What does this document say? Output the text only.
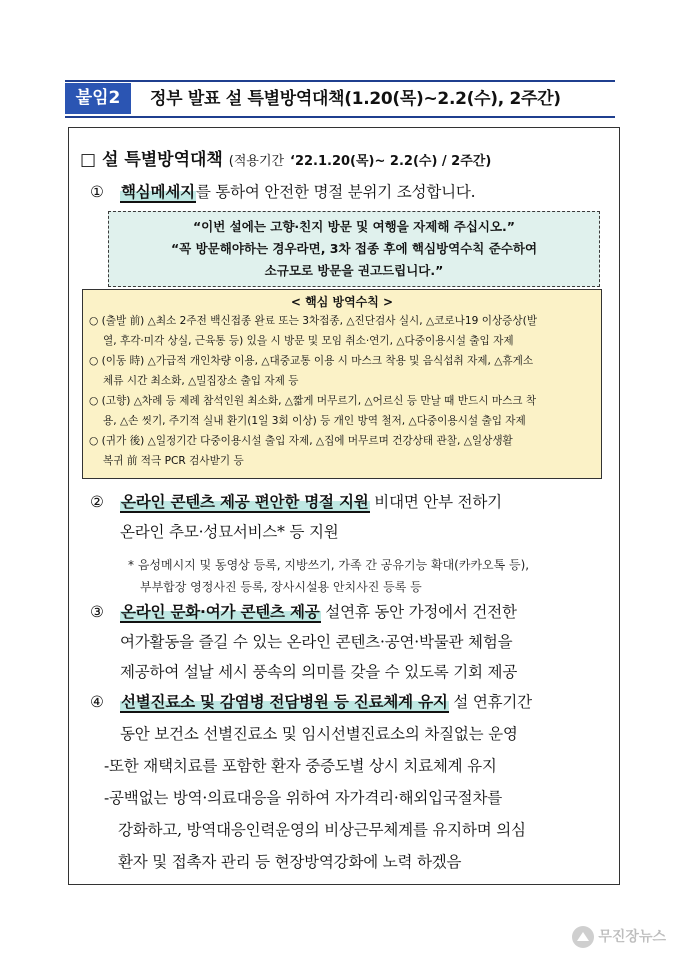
붙임2	정부 발표 설 특별방역대책(1.20(목)~2.2(수), 2주간)
□ 설 특별방역대책 (적용기간 ‘22.1.20(목)~ 2.2(수) / 2주간)
① 핵심메세지를 통하여 안전한 명절 분위기 조성합니다.
“이번 설에는 고향·친지 방문 및 여행을 자제해 주십시오.”
“꼭 방문해야하는 경우라면, 3차 접종 후에 핵심방역수칙 준수하여
소규모로 방문을 권고드립니다.”
< 핵심 방역수칙 >
○ (출발 前) △최소 2주전 백신접종 완료 또는 3차접종, △진단검사 실시, △코로나19 이상증상(발
열, 후각·미각 상실, 근육통 등) 있을 시 방문 및 모임 취소·연기, △다중이용시설 출입 자제
○ (이동 時) △가급적 개인차량 이용, △대중교통 이용 시 마스크 착용 및 음식섭취 자제, △휴게소
체류 시간 최소화, △밀집장소 출입 자제 등
○ (고향) △차례 등 제례 참석인원 최소화, △짧게 머무르기, △어르신 등 만날 때 반드시 마스크 착
용, △손 씻기, 주기적 실내 환기(1일 3회 이상) 등 개인 방역 철저, △다중이용시설 출입 자제
○ (귀가 後) △일정기간 다중이용시설 출입 자제, △집에 머무르며 건강상태 관찰, △일상생활
복귀 前 적극 PCR 검사받기 등
② 온라인 콘텐츠 제공 편안한 명절 지원 비대면 안부 전하기
온라인 추모·성묘서비스* 등 지원
* 음성메시지 및 동영상 등록, 지방쓰기, 가족 간 공유기능 확대(카카오톡 등),
부부합장 영정사진 등록, 장사시설용 안치사진 등록 등
③ 온라인 문화·여가 콘텐츠 제공 설연휴 동안 가정에서 건전한
여가활동을 즐길 수 있는 온라인 콘텐츠·공연·박물관 체험을
제공하여 설날 세시 풍속의 의미를 갖을 수 있도록 기회 제공
④ 선별진료소 및 감염병 전담병원 등 진료체계 유지 설 연휴기간
동안 보건소 선별진료소 및 임시선별진료소의 차질없는 운영
-또한 재택치료를 포함한 환자 중증도별 상시 치료체계 유지
-공백없는 방역·의료대응을 위하여 자가격리·해외입국절차를
강화하고, 방역대응인력운영의 비상근무체계를 유지하며 의심
환자 및 접촉자 관리 등 현장방역강화에 노력 하겠음
무진장뉴스
